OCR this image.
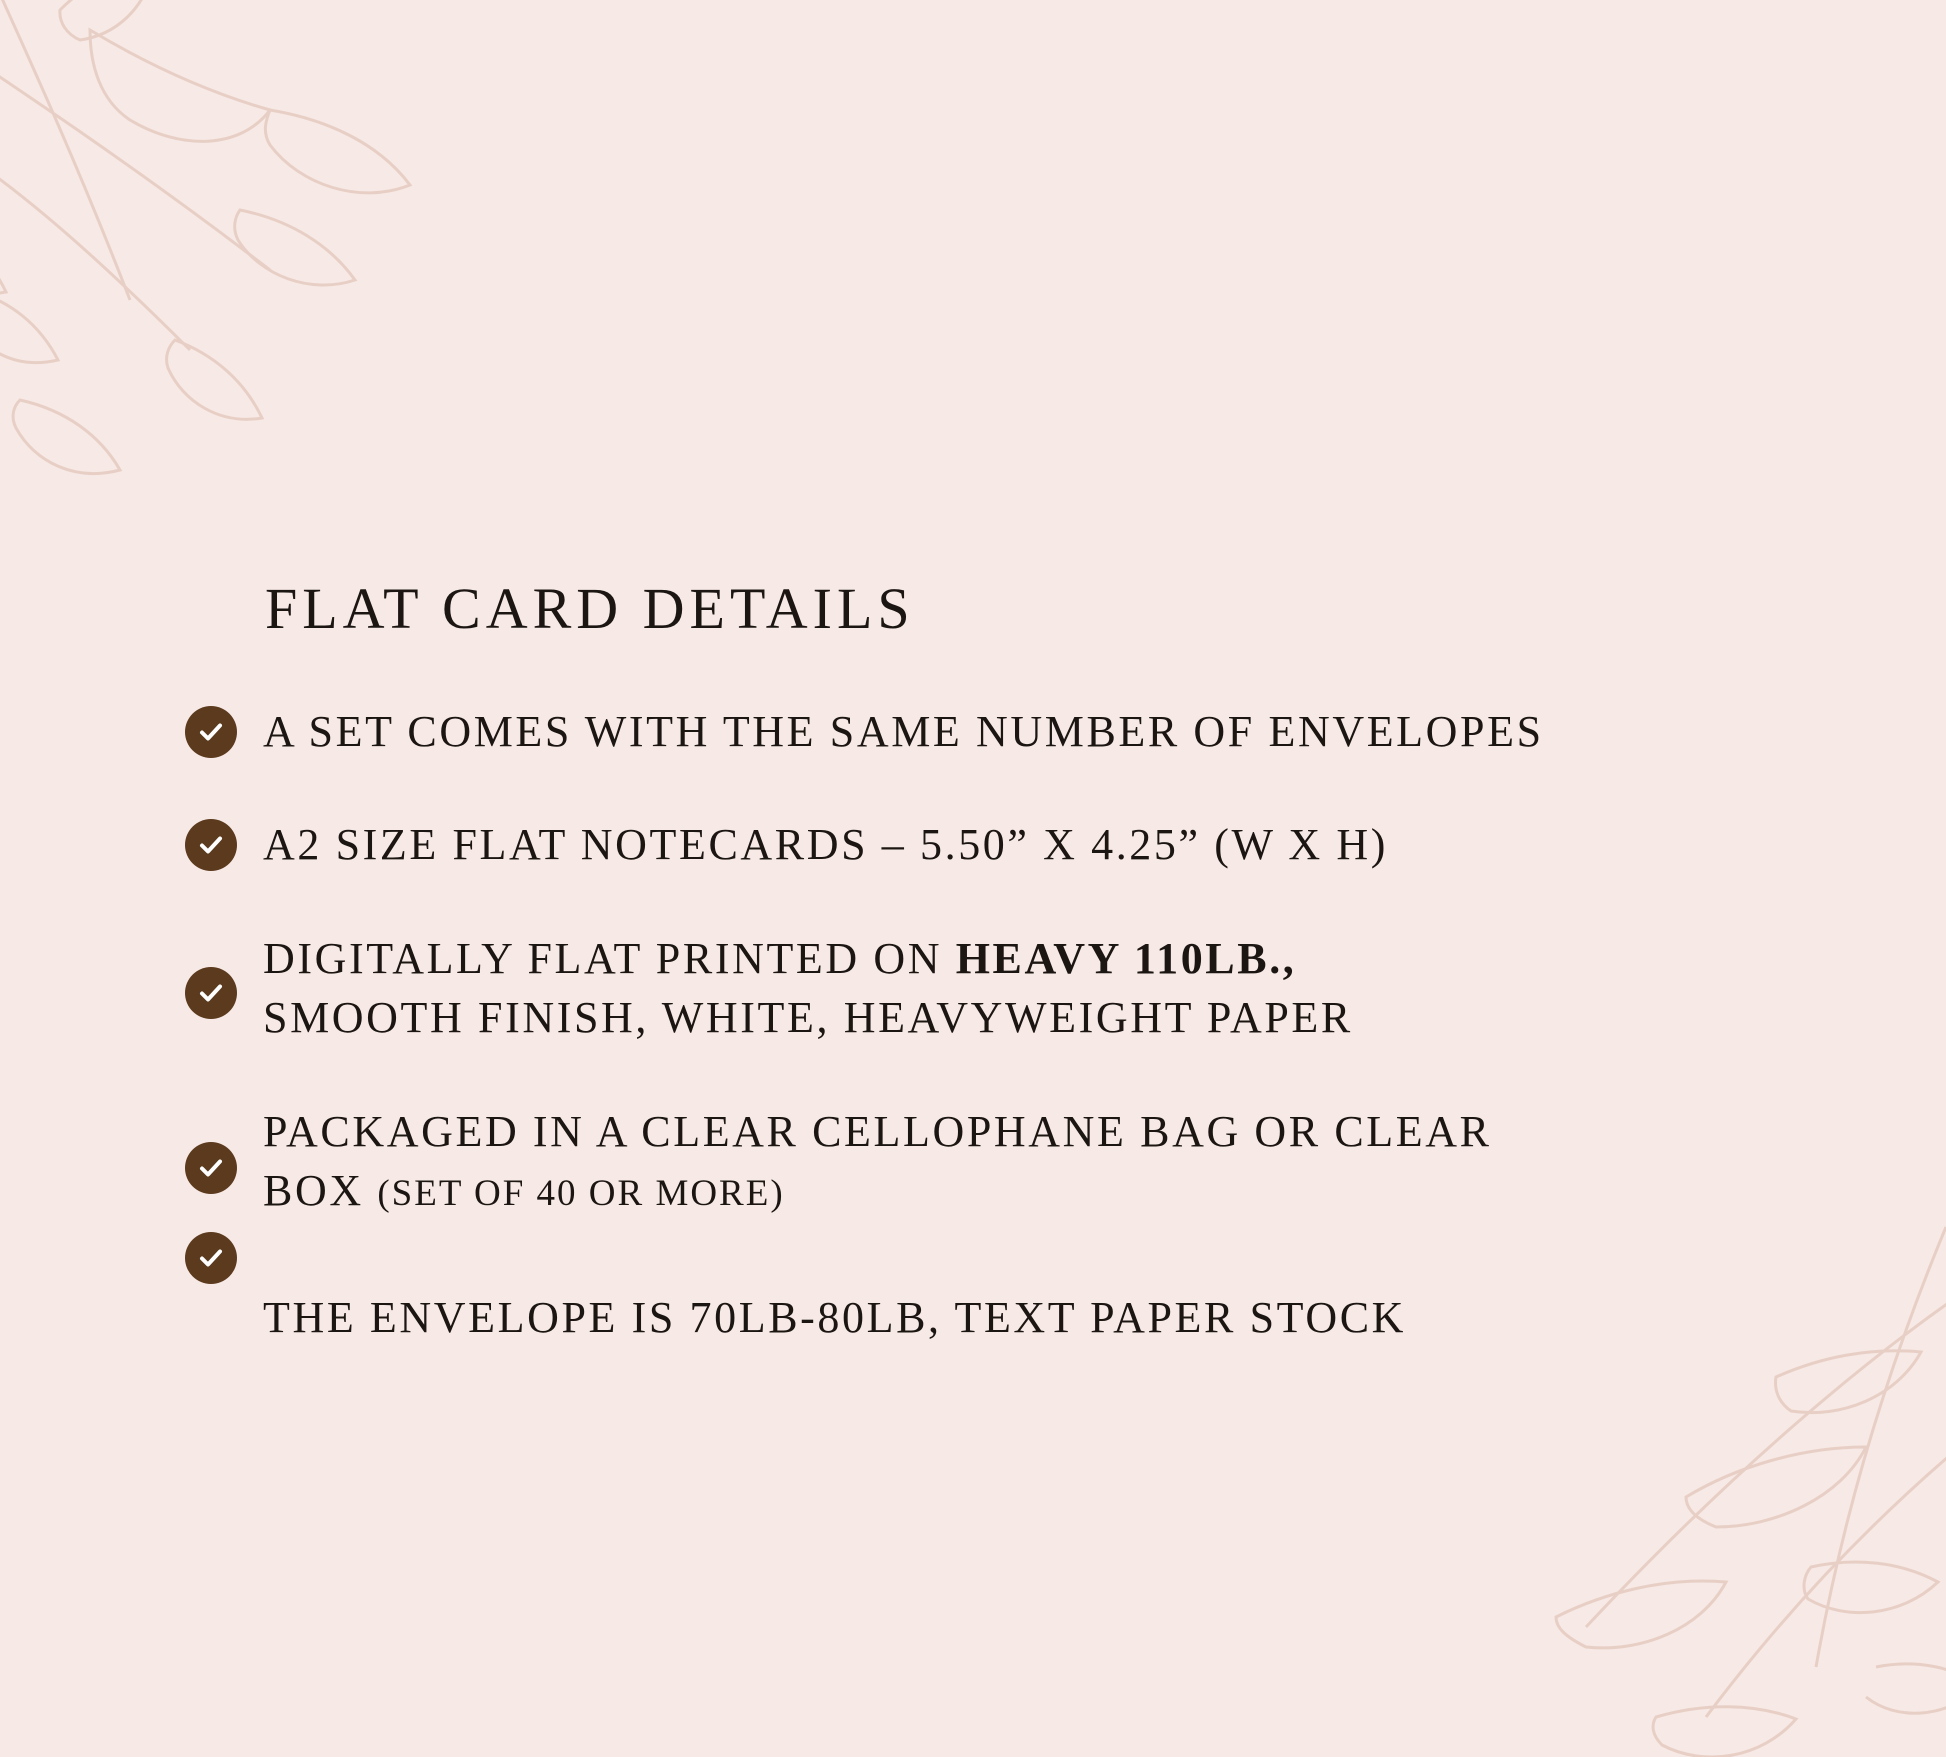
FLAT CARD DETAILS
A SET COMES WITH THE SAME NUMBER OF ENVELOPES
A2 SIZE FLAT NOTECARDS – 5.50” X 4.25” (W X H)
DIGITALLY FLAT PRINTED ON HEAVY 110LB.,
SMOOTH FINISH, WHITE, HEAVYWEIGHT PAPER
PACKAGED IN A CLEAR CELLOPHANE BAG OR CLEAR
BOX (SET OF 40 OR MORE)
THE ENVELOPE IS 70LB-80LB, TEXT PAPER STOCK
